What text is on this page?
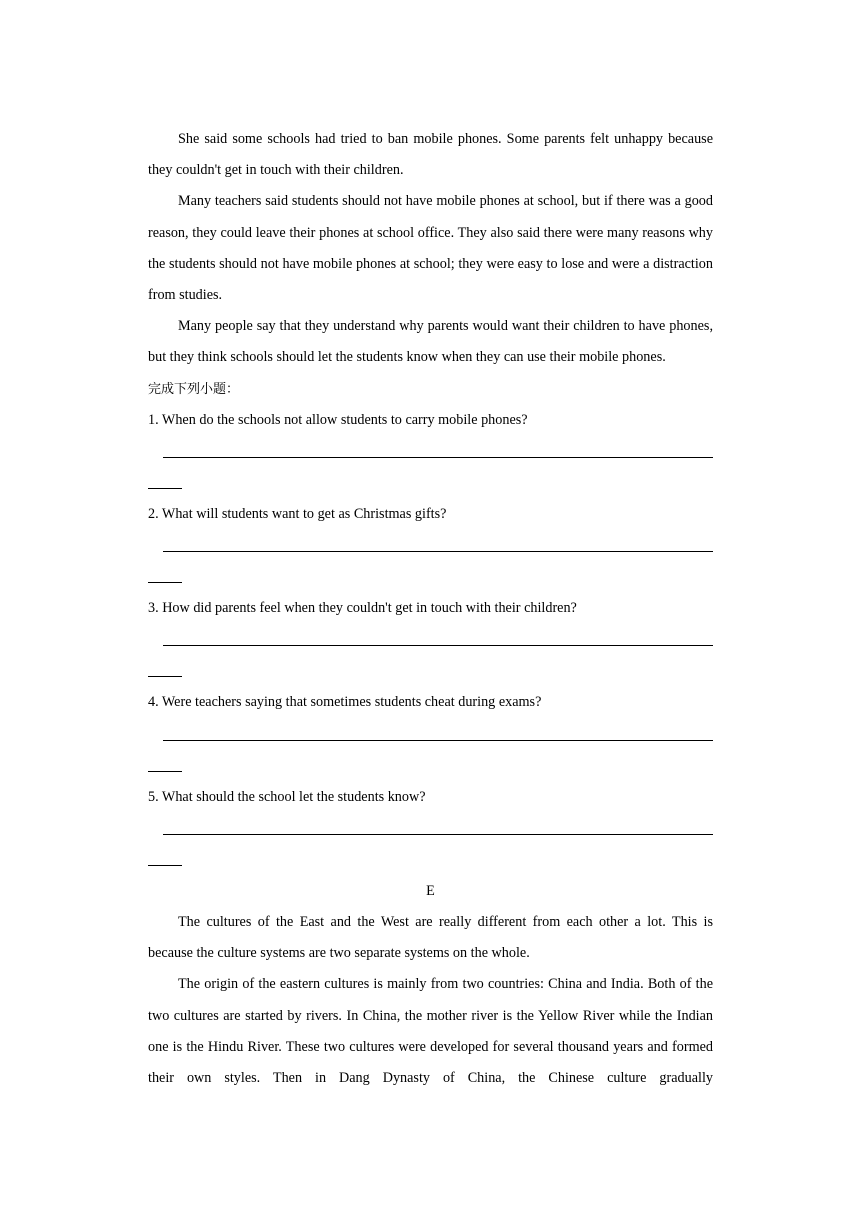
She said some schools had tried to ban mobile phones. Some parents felt unhappy because they couldn't get in touch with their children.

Many teachers said students should not have mobile phones at school, but if there was a good reason, they could leave their phones at school office. They also said there were many reasons why the students should not have mobile phones at school; they were easy to lose and were a distraction from studies.

Many people say that they understand why parents would want their children to have phones, but they think schools should let the students know when they can use their mobile phones.

完成下列小题：

1. When do the schools not allow students to carry mobile phones?

2. What will students want to get as Christmas gifts?

3. How did parents feel when they couldn't get in touch with their children?

4. Were teachers saying that sometimes students cheat during exams?

5. What should the school let the students know?

E

The cultures of the East and the West are really different from each other a lot. This is because the culture systems are two separate systems on the whole.

The origin of the eastern cultures is mainly from two countries: China and India. Both of the two cultures are started by rivers. In China, the mother river is the Yellow River while the Indian one is the Hindu River. These two cultures were developed for several thousand years and formed their own styles. Then in Dang Dynasty of China, the Chinese culture gradually
